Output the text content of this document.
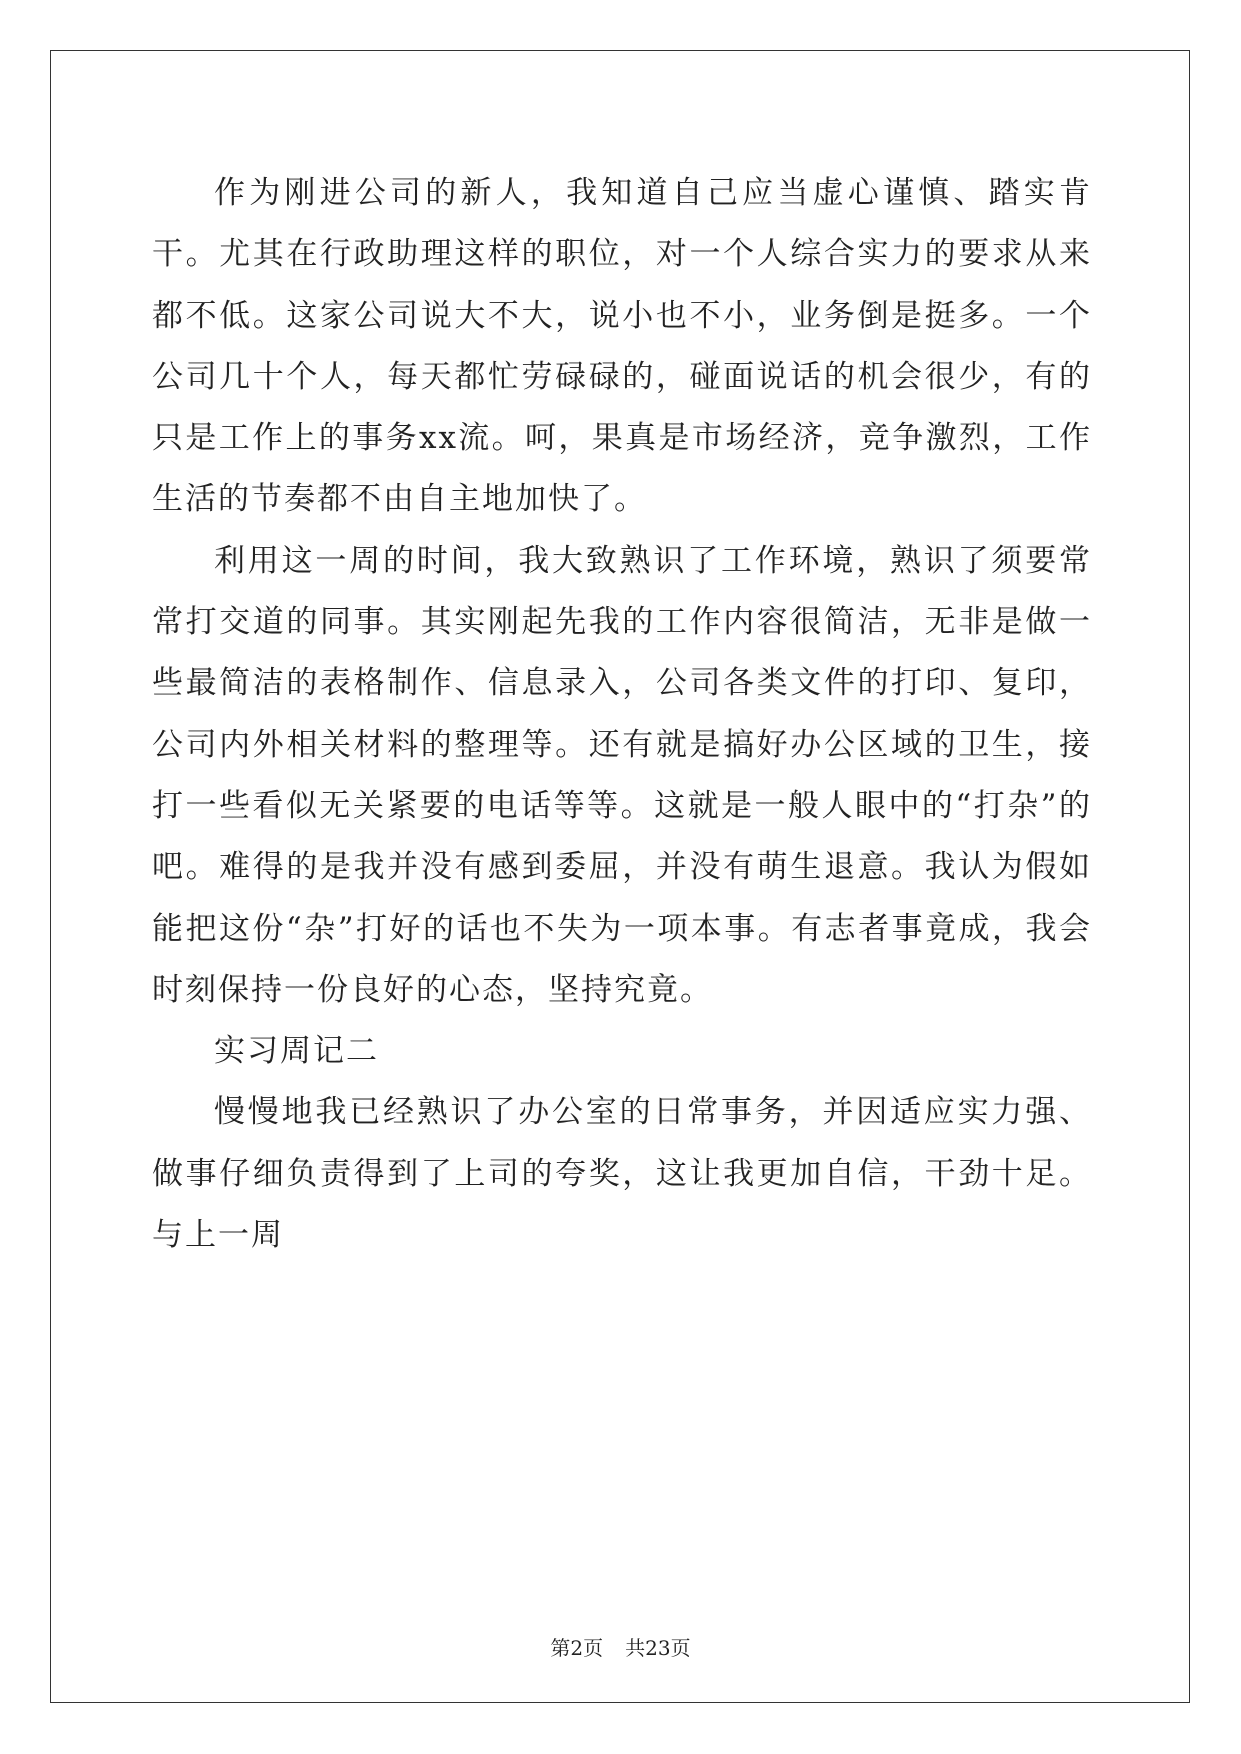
作为刚进公司的新人，我知道自己应当虚心谨慎、踏实肯干。尤其在行政助理这样的职位，对一个人综合实力的要求从来都不低。这家公司说大不大，说小也不小，业务倒是挺多。一个公司几十个人，每天都忙劳碌碌的，碰面说话的机会很少，有的只是工作上的事务xx流。呵，果真是市场经济，竞争激烈，工作生活的节奏都不由自主地加快了。

利用这一周的时间，我大致熟识了工作环境，熟识了须要常常打交道的同事。其实刚起先我的工作内容很简洁，无非是做一些最简洁的表格制作、信息录入，公司各类文件的打印、复印，公司内外相关材料的整理等。还有就是搞好办公区域的卫生，接打一些看似无关紧要的电话等等。这就是一般人眼中的“打杂”的吧。难得的是我并没有感到委屈，并没有萌生退意。我认为假如能把这份“杂”打好的话也不失为一项本事。有志者事竟成，我会时刻保持一份良好的心态，坚持究竟。

实习周记二

慢慢地我已经熟识了办公室的日常事务，并因适应实力强、做事仔细负责得到了上司的夸奖，这让我更加自信，干劲十足。与上一周

第2页 共23页
